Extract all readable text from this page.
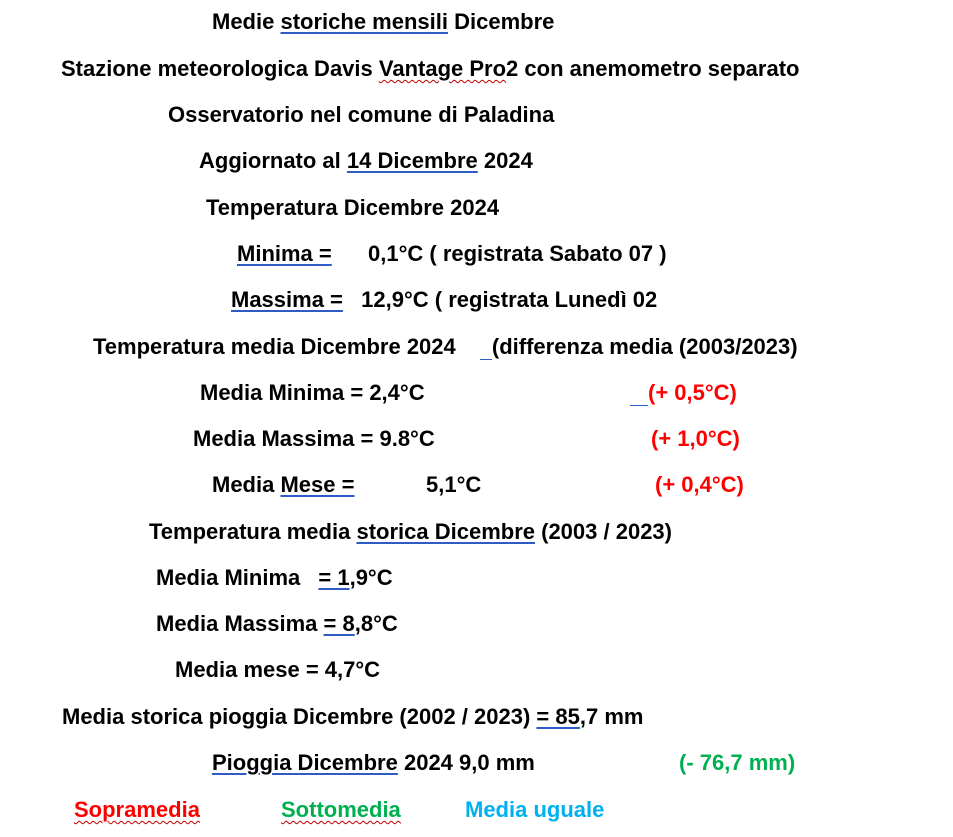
Medie storiche mensili Dicembre
Stazione meteorologica Davis Vantage Pro2 con anemometro separato
Osservatorio nel comune di Paladina
Aggiornato al 14 Dicembre 2024
Temperatura Dicembre 2024
Minima = 0,1°C ( registrata Sabato 07 )
Massima = 12,9°C ( registrata Lunedì 02
Temperatura media Dicembre 2024 (differenza media (2003/2023)
Media Minima = 2,4°C	(+ 0,5°C)
Media Massima = 9.8°C	(+ 1,0°C)
Media Mese =	5,1°C	(+ 0,4°C)
Temperatura media storica Dicembre (2003 / 2023)
Media Minima = 1,9°C
Media Massima = 8,8°C
Media mese = 4,7°C
Media storica pioggia Dicembre (2002 / 2023) = 85,7 mm
Pioggia Dicembre 2024 9,0 mm	(- 76,7 mm)
Sopramedia	Sottomedia	Media uguale
